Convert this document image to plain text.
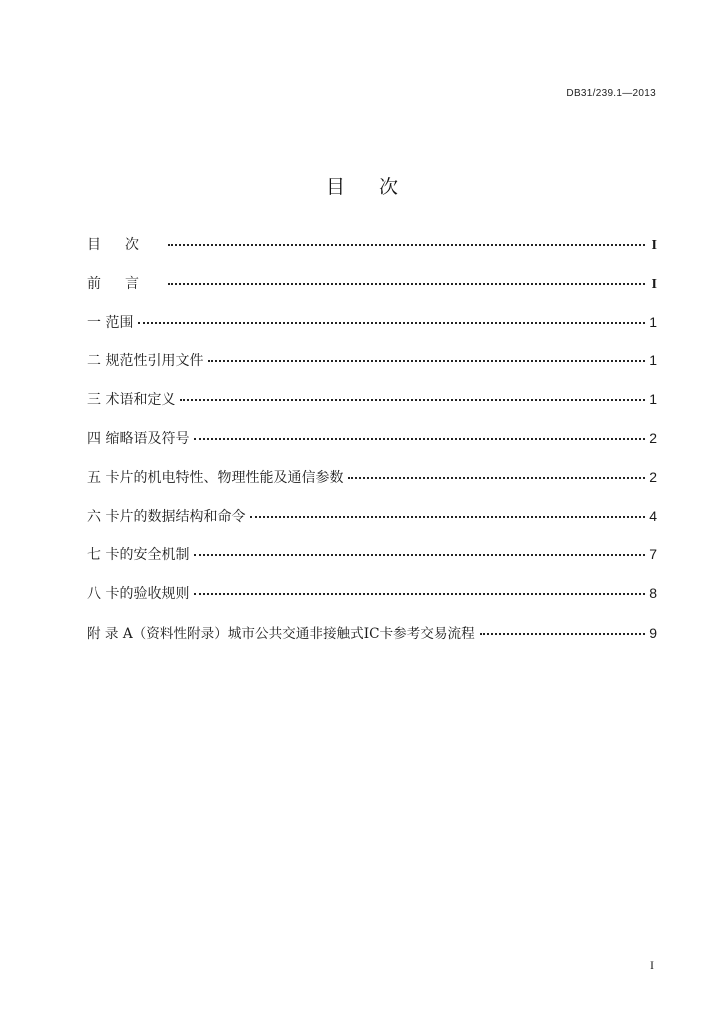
DB31/239.1—2013
目次
目次	I
前言	I
一 范围	1
二 规范性引用文件	1
三 术语和定义	1
四 缩略语及符号	2
五 卡片的机电特性、物理性能及通信参数	2
六 卡片的数据结构和命令	4
七 卡的安全机制	7
八 卡的验收规则	8
附 录 A（资料性附录）城市公共交通非接触式IC卡参考交易流程	9
I
